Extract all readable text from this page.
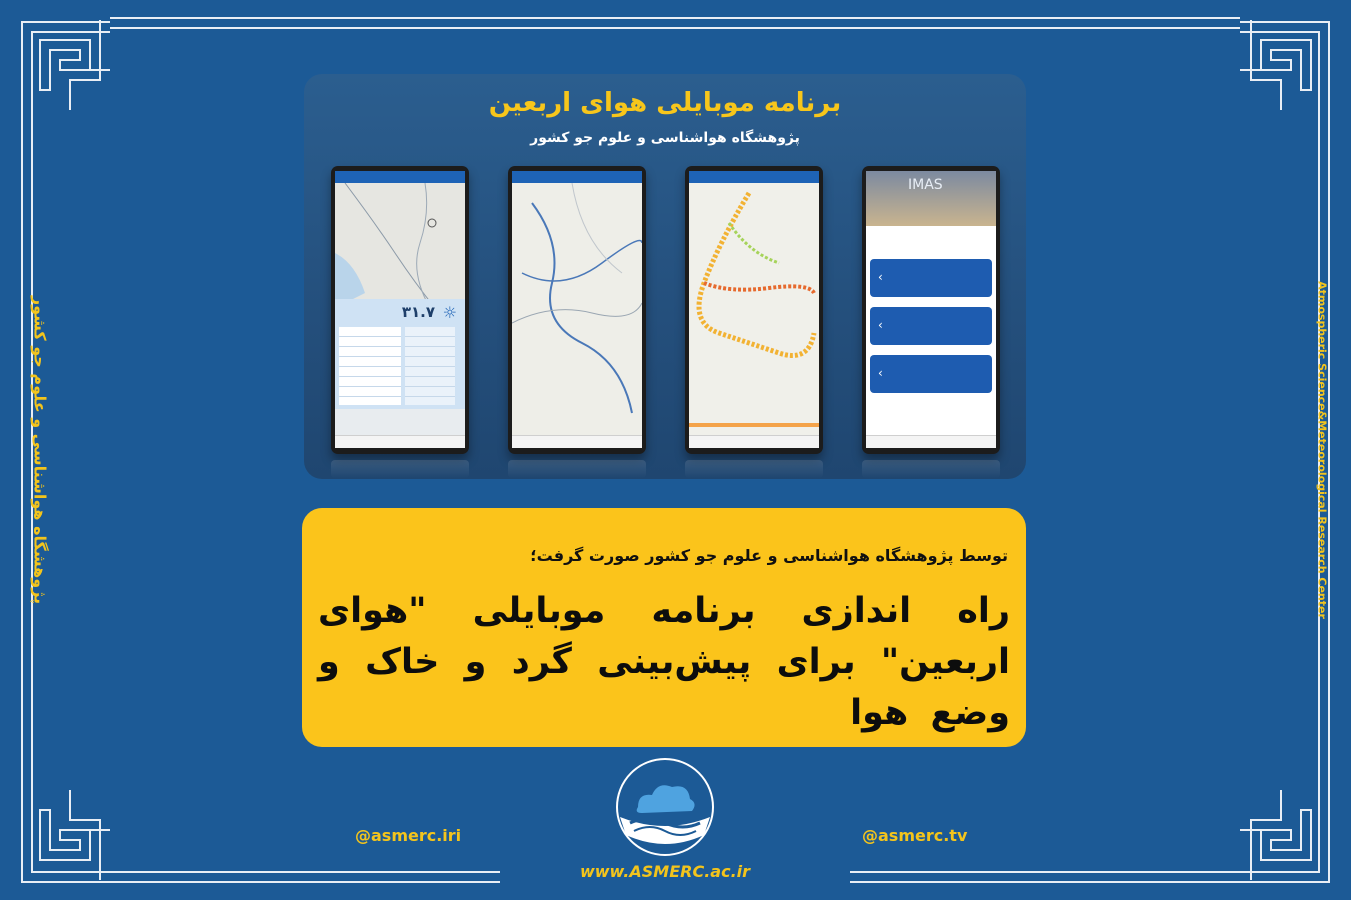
پژوهشگاه هواشناسی و علوم جو کشور	Atmospheric Science&Meteorological Research Center
برنامه موبایلی هوای اربعین
پژوهشگاه هواشناسی و علوم جو کشور
☼
۳۱.۷
IMAS
‹
‹
‹
توسط پژوهشگاه هواشناسی و علوم جو کشور صورت گرفت؛
راه اندازی برنامه موبایلی "هوای اربعین" برای پیش‌بینی گرد و خاک و وضع هوا
ASMERC
@asmerc.iri	@asmerc.tv
www.ASMERC.ac.ir
